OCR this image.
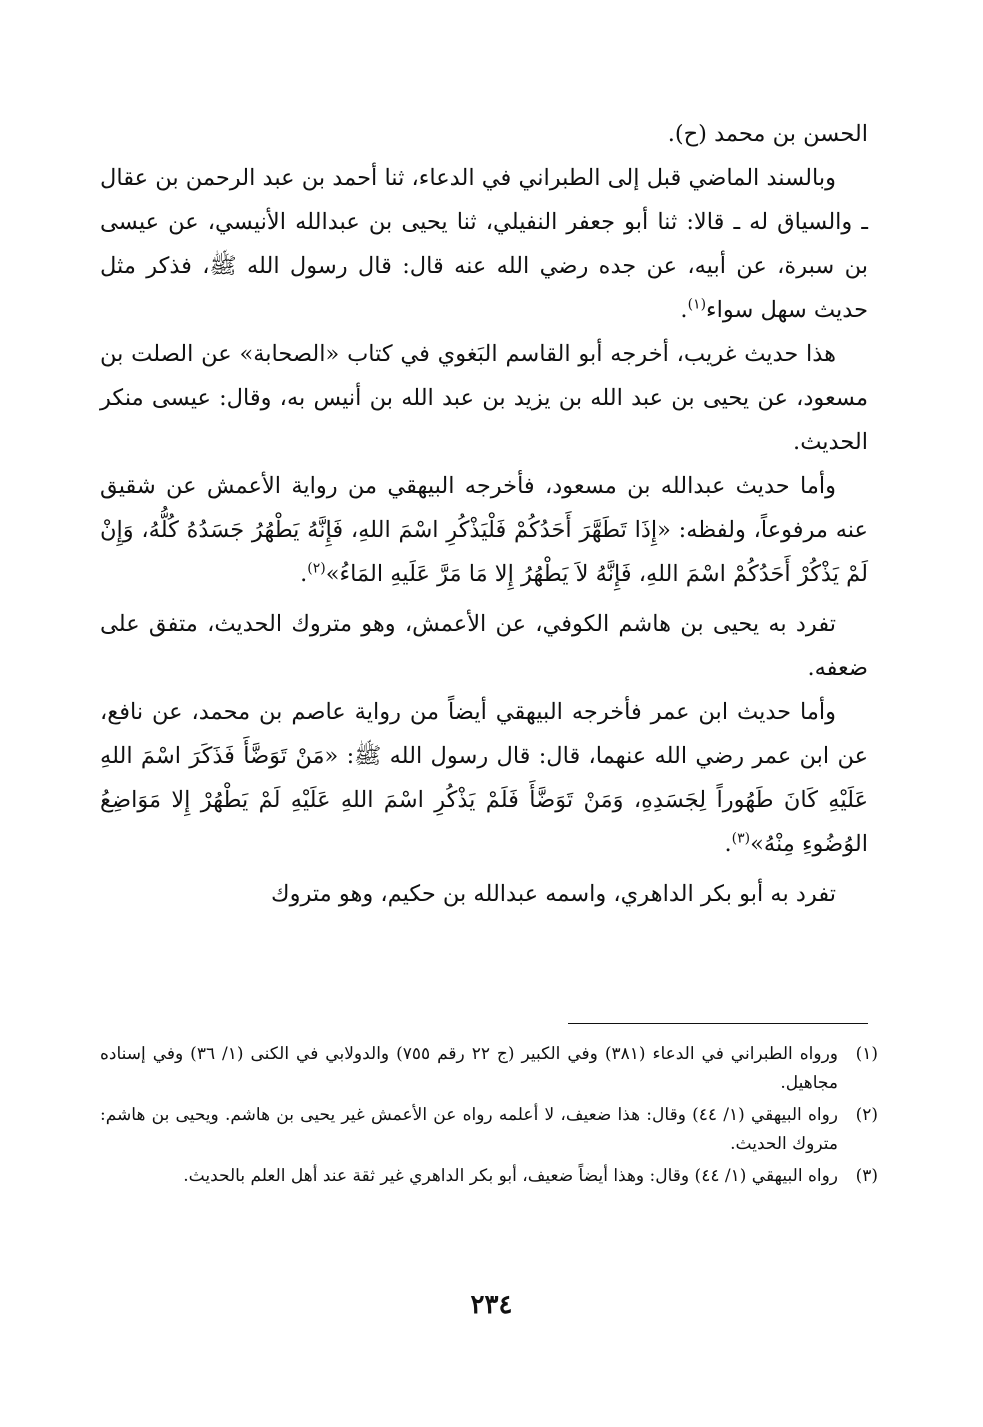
الحسن بن محمد (ح).

وبالسند الماضي قبل إلى الطبراني في الدعاء، ثنا أحمد بن عبد الرحمن بن عقال ـ والسياق له ـ قالا: ثنا أبو جعفر النفيلي، ثنا يحيى بن عبدالله الأنيسي، عن عيسى بن سبرة، عن أبيه، عن جده رضي الله عنه قال: قال رسول الله ﷺ، فذكر مثل حديث سهل سواء$^{(١)}$.

هذا حديث غريب، أخرجه أبو القاسم البَغوي في كتاب «الصحابة» عن الصلت بن مسعود، عن يحيى بن عبد الله بن يزيد بن عبد الله بن أنيس به، وقال: عيسى منكر الحديث.

وأما حديث عبدالله بن مسعود، فأخرجه البيهقي من رواية الأعمش عن شقيق عنه مرفوعاً، ولفظه: «إِذَا تَطَهَّرَ أَحَدُكُمْ فَلْيَذْكُرِ اسْمَ اللهِ، فَإِنَّهُ يَطْهُرُ جَسَدُهُ كُلُّهُ، وَإِنْ لَمْ يَذْكُرْ أَحَدُكُمْ اسْمَ اللهِ، فَإِنَّهُ لاَ يَطْهُرُ إِلا مَا مَرَّ عَلَيهِ المَاءُ»$^{(٢)}$.

تفرد به يحيى بن هاشم الكوفي، عن الأعمش، وهو متروك الحديث، متفق على ضعفه.

وأما حديث ابن عمر فأخرجه البيهقي أيضاً من رواية عاصم بن محمد، عن نافع، عن ابن عمر رضي الله عنهما، قال: قال رسول الله ﷺ: «مَنْ تَوَضَّأَ فَذَكَرَ اسْمَ اللهِ عَلَيْهِ كَانَ طَهُوراً لِجَسَدِهِ، وَمَنْ تَوَضَّأَ فَلَمْ يَذْكُرِ اسْمَ اللهِ عَلَيْهِ لَمْ يَطْهُرْ إِلا مَوَاضِعُ الوُضُوءِ مِنْهُ»$^{(٣)}$.

تفرد به أبو بكر الداهري، واسمه عبدالله بن حكيم، وهو متروك

(١)
ورواه الطبراني في الدعاء (٣٨١) وفي الكبير (ج ٢٢ رقم ٧٥٥) والدولابي في الكنى (١/ ٣٦) وفي إسناده مجاهيل.
(٢)
رواه البيهقي (١/ ٤٤) وقال: هذا ضعيف، لا أعلمه رواه عن الأعمش غير يحيى بن هاشم. ويحيى بن هاشم: متروك الحديث.
(٣)
رواه البيهقي (١/ ٤٤) وقال: وهذا أيضاً ضعيف، أبو بكر الداهري غير ثقة عند أهل العلم بالحديث.
٢٣٤
